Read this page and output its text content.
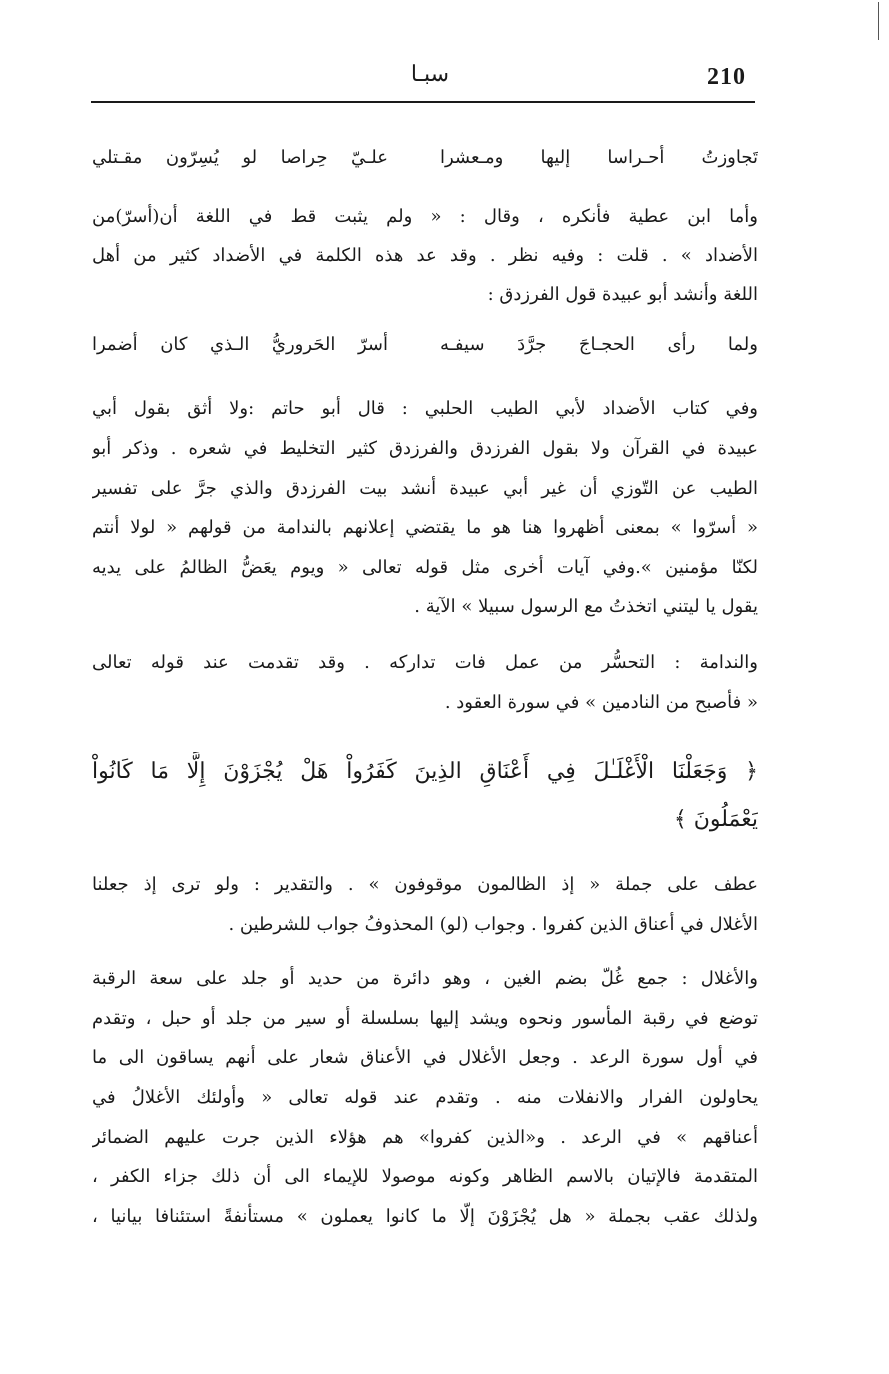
210
سبـا
تَجاوزتُ أحـراسا إليها ومـعشرا
علـيّ حِراصا لو يُسِرّون مقـتلي
وأما ابن عطية فأنكره ، وقال : « ولم يثبت قط في اللغة أن(أسرّ)من
الأضداد » . قلت : وفيه نظر . وقد عد هذه الكلمة في الأضداد كثير من أهل
اللغة وأنشد أبو عبيدة قول الفرزدق :
ولما رأى الحجـاجَ جرَّدَ سيفـه
أسرّ الحَروريُّ الـذي كان أضمرا
وفي كتاب الأضداد لأبي الطيب الحلبي : قال أبو حاتم :ولا أثق بقول أبي
عبيدة في القرآن ولا بقول الفرزدق والفرزدق كثير التخليط في شعره . وذكر أبو
الطيب عن التّوزي أن غير أبي عبيدة أنشد بيت الفرزدق والذي جرَّ على تفسير
« أسرّوا » بمعنى أظهروا هنا هو ما يقتضي إعلانهم بالندامة من قولهم « لولا أنتم
لكنّا مؤمنين ».وفي آيات أخرى مثل قوله تعالى « ويوم يعَضُّ الظالمُ على يديه
يقول يا ليتني اتخذتُ مع الرسول سبيلا » الآية .
والندامة : التحسُّر من عمل فات تداركه . وقد تقدمت عند قوله تعالى
« فأصبح من النادمين » في سورة العقود .
﴿ وَجَعَلْنَا الْأَغْلَـٰلَ فِي أَعْنَاقِ الذِينَ كَفَرُواْ هَلْ يُجْزَوْنَ إِلَّا مَا كَانُواْ
يَعْمَلُونَ ﴾
عطف على جملة « إذ الظالمون موقوفون » . والتقدير : ولو ترى إذ جعلنا
الأغلال في أعناق الذين كفروا . وجواب (لو) المحذوفُ جواب للشرطين .
والأغلال : جمع غُلّ بضم الغين ، وهو دائرة من حديد أو جلد على سعة الرقبة
توضع في رقبة المأسور ونحوه ويشد إليها بسلسلة أو سير من جلد أو حبل ، وتقدم
في أول سورة الرعد . وجعل الأغلال في الأعناق شعار على أنهم يساقون الى ما
يحاولون الفرار والانفلات منه . وتقدم عند قوله تعالى « وأولئك الأغلالُ في
أعناقهم » في الرعد . و«الذين كفروا» هم هؤلاء الذين جرت عليهم الضمائر
المتقدمة فالإتيان بالاسم الظاهر وكونه موصولا للإيماء الى أن ذلك جزاء الكفر ،
ولذلك عقب بجملة « هل يُجْزَوْنَ إلّا ما كانوا يعملون » مستأنفةً استئنافا بيانيا ،
